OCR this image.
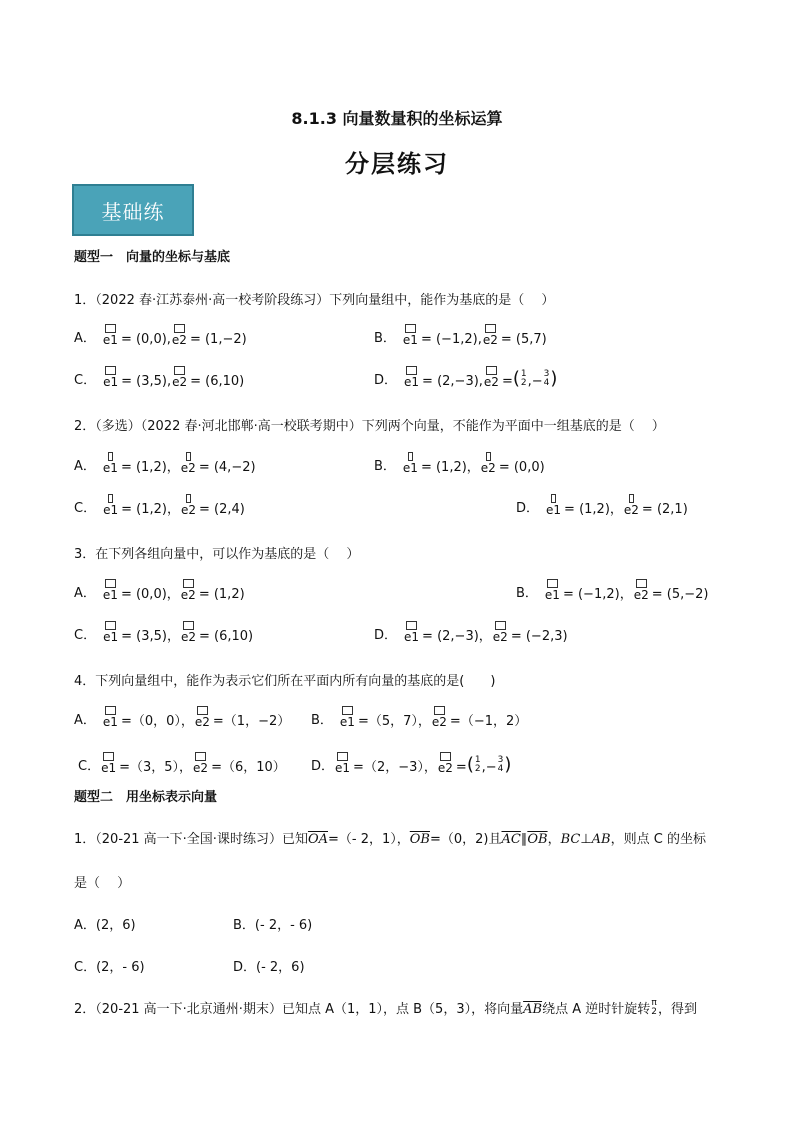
8.1.3 向量数量积的坐标运算
分层练习
基础练
题型一　向量的坐标与基底
1．（2022 春·江苏泰州·高一校考阶段练习）下列向量组中，能作为基底的是（　 ）
A． e1 = (0,0), e2 = (1,−2)	B． e1 = (−1,2), e2 = (5,7)
C． e1 = (3,5), e2 = (6,10)	D． e1 = (2,−3), e2 = ( 1
2 ,− 3
4 )
2．（多选）（2022 春·河北邯郸·高一校联考期中）下列两个向量，不能作为平面中一组基底的是（　 ）
A． e1 = (1,2)， e2 = (4,−2)	B． e1 = (1,2)， e2 = (0,0)
C． e1 = (1,2)， e2 = (2,4)	D． e1 = (1,2)， e2 = (2,1)
3．在下列各组向量中，可以作为基底的是（　 ）
A． e1 = (0,0)， e2 = (1,2)	B． e1 = (−1,2)， e2 = (5,−2)
C． e1 = (3,5)， e2 = (6,10)	D． e1 = (2,−3)， e2 = (−2,3)
4．下列向量组中，能作为表示它们所在平面内所有向量的基底的是(　　)
A． e1 =（0，0）， e2 =（1，−2） B． e1 =（5，7）， e2 =（−1，2）
C． e1 =（3，5）， e2 =（6，10） D． e1 =（2，−3）， e2 = ( 1
2 ,− 3
4 )
题型二　用坐标表示向量
1．（20-21 高一下·全国·课时练习）已知$\overline{OA}=(-$ 2，1），$\overline{OB}=(0$，2)且$\overline{AC}\parallel\overline{OB}$，BC⊥AB，则点 C 的坐标
是（　 ）
A．(2，6)	B．(- 2，- 6)
C．(2，- 6)	D．(- 2，6)
2．（20-21 高一下·北京通州·期末）已知点 A（1，1），点 B（5，3），将向量 $\overline{AB}$ 绕点 A 逆时针旋转 π
2 ，得到
